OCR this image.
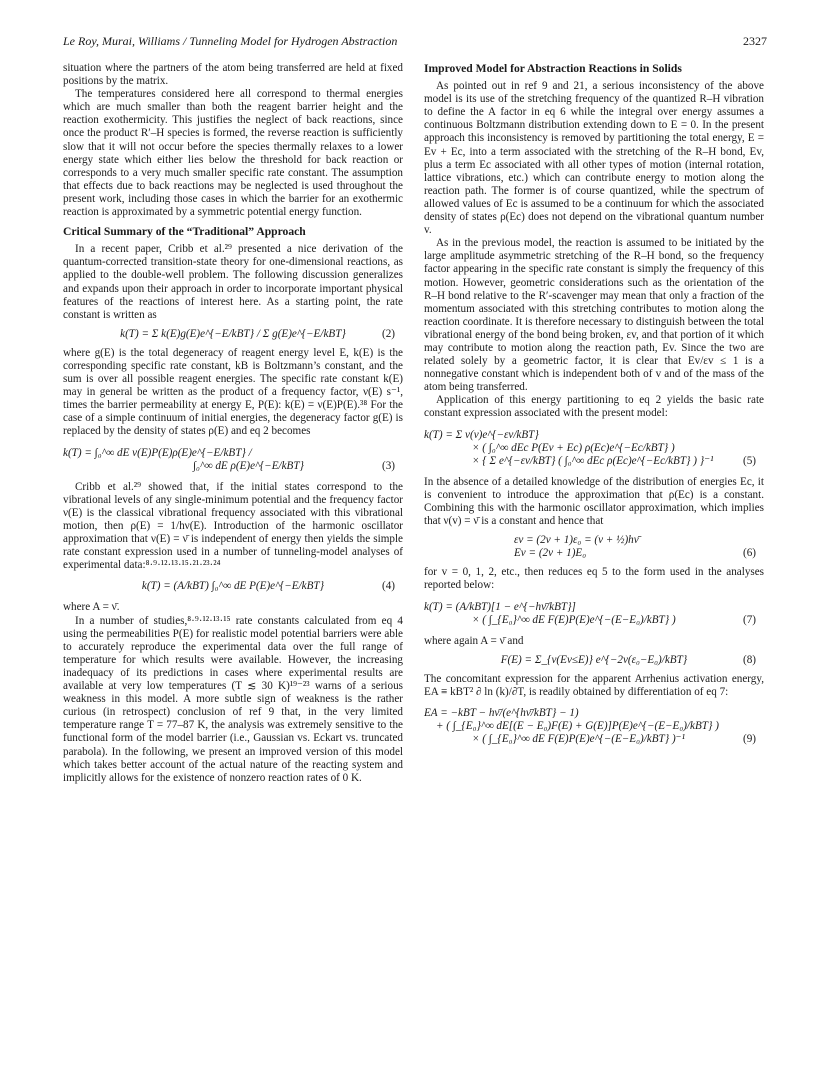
Le Roy, Murai, Williams / Tunneling Model for Hydrogen Abstraction	2327

situation where the partners of the atom being transferred are held at fixed positions by the matrix.

The temperatures considered here all correspond to thermal energies which are much smaller than both the reagent barrier height and the reaction exothermicity. This justifies the neglect of back reactions, since once the product R′–H species is formed, the reverse reaction is sufficiently slow that it will not occur before the species thermally relaxes to a lower energy state which either lies below the threshold for back reaction or corresponds to a very much smaller specific rate constant. The assumption that effects due to back reactions may be neglected is used throughout the present work, including those cases in which the barrier for an exothermic reaction is approximated by a symmetric potential energy function.

Critical Summary of the “Traditional” Approach

In a recent paper, Cribb et al.²⁹ presented a nice derivation of the quantum-corrected transition-state theory for one-dimensional reactions, as applied to the double-well problem. The following discussion generalizes and expands upon their approach in order to incorporate important physical features of the reactions of interest here. As a starting point, the rate constant is written as

k(T) = Σ k(E)g(E)e^{−E/kBT} / Σ g(E)e^{−E/kBT}	(2)

where g(E) is the total degeneracy of reagent energy level E, k(E) is the corresponding specific rate constant, kB is Boltzmann’s constant, and the sum is over all possible reagent energies. The specific rate constant k(E) may in general be written as the product of a frequency factor, ν(E) s⁻¹, times the barrier permeability at energy E, P(E): k(E) = ν(E)P(E).³⁸ For the case of a simple continuum of initial energies, the degeneracy factor g(E) is replaced by the density of states ρ(E) and eq 2 becomes

k(T) = ∫₀^∞ dE ν(E)P(E)ρ(E)e^{−E/kBT} /
∫₀^∞ dE ρ(E)e^{−E/kBT}	(3)

Cribb et al.²⁹ showed that, if the initial states correspond to the vibrational levels of any single-minimum potential and the frequency factor ν(E) is the classical vibrational frequency associated with this vibrational motion, then ρ(E) = 1/hν(E). Introduction of the harmonic oscillator approximation that ν(E) = ν̄ is independent of energy then yields the simple rate constant expression used in a number of tunneling-model analyses of experimental data:⁸·⁹·¹²·¹³·¹⁵·²¹·²³·²⁴

k(T) = (A/kBT) ∫₀^∞ dE P(E)e^{−E/kBT}	(4)

where A = ν̄.

In a number of studies,⁸·⁹·¹²·¹³·¹⁵ rate constants calculated from eq 4 using the permeabilities P(E) for realistic model potential barriers were able to accurately reproduce the experimental data over the full range of temperature for which results were available. However, the increasing inadequacy of its predictions in cases where experimental results are available at very low temperatures (T ≲ 30 K)¹⁹⁻²³ warns of a serious weakness in this model. A more subtle sign of weakness is the rather curious (in retrospect) conclusion of ref 9 that, in the very limited temperature range T = 77–87 K, the analysis was extremely sensitive to the functional form of the model barrier (i.e., Gaussian vs. Eckart vs. truncated parabola). In the following, we present an improved version of this model which takes better account of the actual nature of the reacting system and implicitly allows for the existence of nonzero reaction rates of 0 K.

Improved Model for Abstraction Reactions in Solids

As pointed out in ref 9 and 21, a serious inconsistency of the above model is its use of the stretching frequency of the quantized R–H vibration to define the A factor in eq 6 while the integral over energy assumes a continuous Boltzmann distribution extending down to E = 0. In the present approach this inconsistency is removed by partitioning the total energy, E = Ev + Ec, into a term associated with the stretching of the R–H bond, Ev, plus a term Ec associated with all other types of motion (internal rotation, lattice vibrations, etc.) which can contribute energy to motion along the reaction path. The former is of course quantized, while the spectrum of allowed values of Ec is assumed to be a continuum for which the associated density of states ρ(Ec) does not depend on the vibrational quantum number v.

As in the previous model, the reaction is assumed to be initiated by the large amplitude asymmetric stretching of the R–H bond, so the frequency factor appearing in the specific rate constant is simply the frequency of this motion. However, geometric considerations such as the orientation of the R–H bond relative to the R′-scavenger may mean that only a fraction of the momentum associated with this stretching contributes to motion along the reaction coordinate. It is therefore necessary to distinguish between the total vibrational energy of the bond being broken, εv, and that portion of it which may contribute to motion along the reaction path, Ev. Since the two are related solely by a geometric factor, it is clear that Ev/εv ≤ 1 is a nonnegative constant which is independent both of v and of the mass of the atom being transferred.

Application of this energy partitioning to eq 2 yields the basic rate constant expression associated with the present model:

k(T) = Σ ν(v)e^{−εv/kBT}
× ( ∫₀^∞ dEc P(Ev + Ec) ρ(Ec)e^{−Ec/kBT} )
× { Σ e^{−εv/kBT} ( ∫₀^∞ dEc ρ(Ec)e^{−Ec/kBT} ) }⁻¹	(5)

In the absence of a detailed knowledge of the distribution of energies Ec, it is convenient to introduce the approximation that ρ(Ec) is a constant. Combining this with the harmonic oscillator approximation, which implies that ν(v) = ν̄ is a constant and hence that

εv = (2v + 1)ε₀ = (v + ½)hν̄
Ev = (2v + 1)E₀	(6)

for v = 0, 1, 2, etc., then reduces eq 5 to the form used in the analyses reported below:

k(T) = (A/kBT)[1 − e^{−hν̄/kBT}]
× ( ∫_{E₀}^∞ dE F(E)P(E)e^{−(E−E₀)/kBT} )	(7)

where again A = ν̄ and

F(E) = Σ_{v(Ev≤E)} e^{−2v(ε₀−E₀)/kBT}	(8)

The concomitant expression for the apparent Arrhenius activation energy, EA ≡ kBT² ∂ ln (k)/∂T, is readily obtained by differentiation of eq 7:

EA = −kBT − hν̄/(e^{hν̄/kBT} − 1)
+ ( ∫_{E₀}^∞ dE[(E − E₀)F(E) + G(E)]P(E)e^{−(E−E₀)/kBT} )
× ( ∫_{E₀}^∞ dE F(E)P(E)e^{−(E−E₀)/kBT} )⁻¹	(9)
